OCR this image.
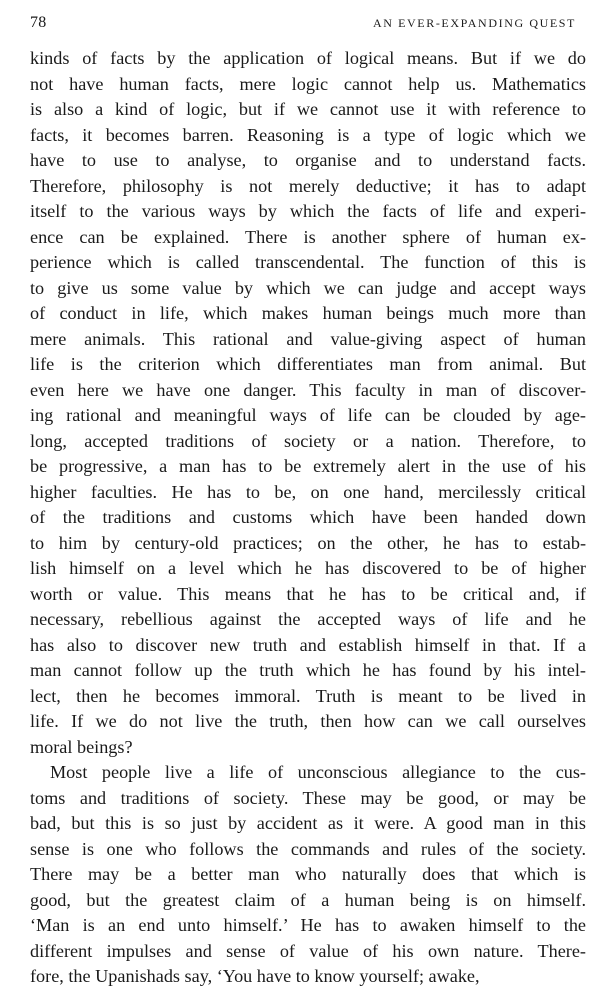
78	AN EVER-EXPANDING QUEST
kinds of facts by the application of logical means. But if we do
not have human facts, mere logic cannot help us. Mathematics
is also a kind of logic, but if we cannot use it with reference to
facts, it becomes barren. Reasoning is a type of logic which we
have to use to analyse, to organise and to understand facts.
Therefore, philosophy is not merely deductive; it has to adapt
itself to the various ways by which the facts of life and experi-
ence can be explained. There is another sphere of human ex-
perience which is called transcendental. The function of this is
to give us some value by which we can judge and accept ways
of conduct in life, which makes human beings much more than
mere animals. This rational and value-giving aspect of human
life is the criterion which differentiates man from animal. But
even here we have one danger. This faculty in man of discover-
ing rational and meaningful ways of life can be clouded by age-
long, accepted traditions of society or a nation. Therefore, to
be progressive, a man has to be extremely alert in the use of his
higher faculties. He has to be, on one hand, mercilessly critical
of the traditions and customs which have been handed down
to him by century-old practices; on the other, he has to estab-
lish himself on a level which he has discovered to be of higher
worth or value. This means that he has to be critical and, if
necessary, rebellious against the accepted ways of life and he
has also to discover new truth and establish himself in that. If a
man cannot follow up the truth which he has found by his intel-
lect, then he becomes immoral. Truth is meant to be lived in
life. If we do not live the truth, then how can we call ourselves
moral beings?
Most people live a life of unconscious allegiance to the cus-
toms and traditions of society. These may be good, or may be
bad, but this is so just by accident as it were. A good man in this
sense is one who follows the commands and rules of the society.
There may be a better man who naturally does that which is
good, but the greatest claim of a human being is on himself.
‘Man is an end unto himself.’ He has to awaken himself to the
different impulses and sense of value of his own nature. There-
fore, the Upanishads say, ‘You have to know yourself; awake,
